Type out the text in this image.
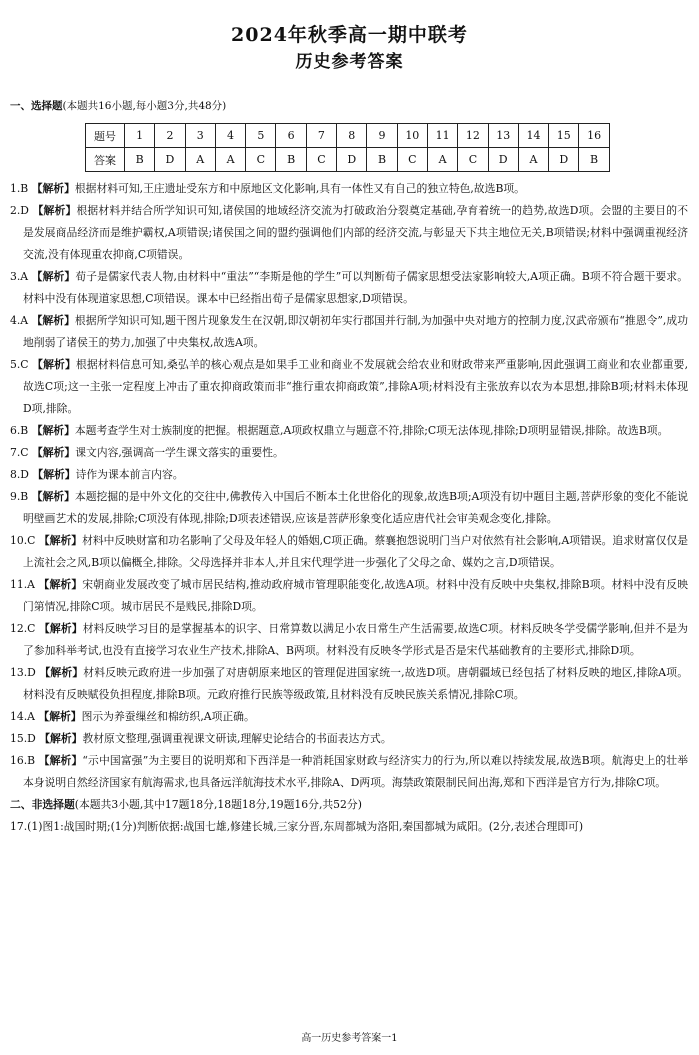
2024年秋季高一期中联考
历史参考答案
一、选择题(本题共16小题,每小题3分,共48分)
题号	1	2	3	4	5	6	7	8	9	10	11	12	13	14	15	16
答案	B	D	A	A	C	B	C	D	B	C	A	C	D	A	D	B
1.B 【解析】根据材料可知,王庄遗址受东方和中原地区文化影响,具有一体性又有自己的独立特色,故选B项。
2.D 【解析】根据材料并结合所学知识可知,诸侯国的地域经济交流为打破政治分裂奠定基础,孕育着统一的趋势,故选D项。会盟的主要目的不是发展商品经济而是维护霸权,A项错误;诸侯国之间的盟约强调他们内部的经济交流,与彰显天下共主地位无关,B项错误;材料中强调重视经济交流,没有体现重农抑商,C项错误。
3.A 【解析】荀子是儒家代表人物,由材料中“重法”“李斯是他的学生”可以判断荀子儒家思想受法家影响较大,A项正确。B项不符合题干要求。材料中没有体现道家思想,C项错误。课本中已经指出荀子是儒家思想家,D项错误。
4.A 【解析】根据所学知识可知,题干图片现象发生在汉朝,即汉朝初年实行郡国并行制,为加强中央对地方的控制力度,汉武帝颁布“推恩令”,成功地削弱了诸侯王的势力,加强了中央集权,故选A项。
5.C 【解析】根据材料信息可知,桑弘羊的核心观点是如果手工业和商业不发展就会给农业和财政带来严重影响,因此强调工商业和农业都重要,故选C项;这一主张一定程度上冲击了重农抑商政策而非“推行重农抑商政策”,排除A项;材料没有主张放弃以农为本思想,排除B项;材料未体现D项,排除。
6.B 【解析】本题考查学生对士族制度的把握。根据题意,A项政权鼎立与题意不符,排除;C项无法体现,排除;D项明显错误,排除。故选B项。
7.C 【解析】课文内容,强调高一学生课文落实的重要性。
8.D 【解析】诗作为课本前言内容。
9.B 【解析】本题挖掘的是中外文化的交往中,佛教传入中国后不断本土化世俗化的现象,故选B项;A项没有切中题目主题,菩萨形象的变化不能说明壁画艺术的发展,排除;C项没有体现,排除;D项表述错误,应该是菩萨形象变化适应唐代社会审美观念变化,排除。
10.C 【解析】材料中反映财富和功名影响了父母及年轻人的婚姻,C项正确。蔡襄抱怨说明门当户对依然有社会影响,A项错误。追求财富仅仅是上流社会之风,B项以偏概全,排除。父母选择并非本人,并且宋代理学进一步强化了父母之命、媒妁之言,D项错误。
11.A 【解析】宋朝商业发展改变了城市居民结构,推动政府城市管理职能变化,故选A项。材料中没有反映中央集权,排除B项。材料中没有反映门第情况,排除C项。城市居民不是贱民,排除D项。
12.C 【解析】材料反映学习目的是掌握基本的识字、日常算数以满足小农日常生产生活需要,故选C项。材料反映冬学受儒学影响,但并不是为了参加科举考试,也没有直接学习农业生产技术,排除A、B两项。材料没有反映冬学形式是否是宋代基础教育的主要形式,排除D项。
13.D 【解析】材料反映元政府进一步加强了对唐朝原来地区的管理促进国家统一,故选D项。唐朝疆域已经包括了材料反映的地区,排除A项。材料没有反映赋役负担程度,排除B项。元政府推行民族等级政策,且材料没有反映民族关系情况,排除C项。
14.A 【解析】图示为养蚕缫丝和棉纺织,A项正确。
15.D 【解析】教材原文整理,强调重视课文研读,理解史论结合的书面表达方式。
16.B 【解析】“示中国富强”为主要目的说明郑和下西洋是一种消耗国家财政与经济实力的行为,所以难以持续发展,故选B项。航海史上的壮举本身说明自然经济国家有航海需求,也具备远洋航海技术水平,排除A、D两项。海禁政策限制民间出海,郑和下西洋是官方行为,排除C项。
二、非选择题(本题共3小题,其中17题18分,18题18分,19题16分,共52分)
17.(1)图1:战国时期;(1分)判断依据:战国七雄,修建长城,三家分晋,东周都城为洛阳,秦国都城为咸阳。(2分,表述合理即可)
高一历史参考答案一1
